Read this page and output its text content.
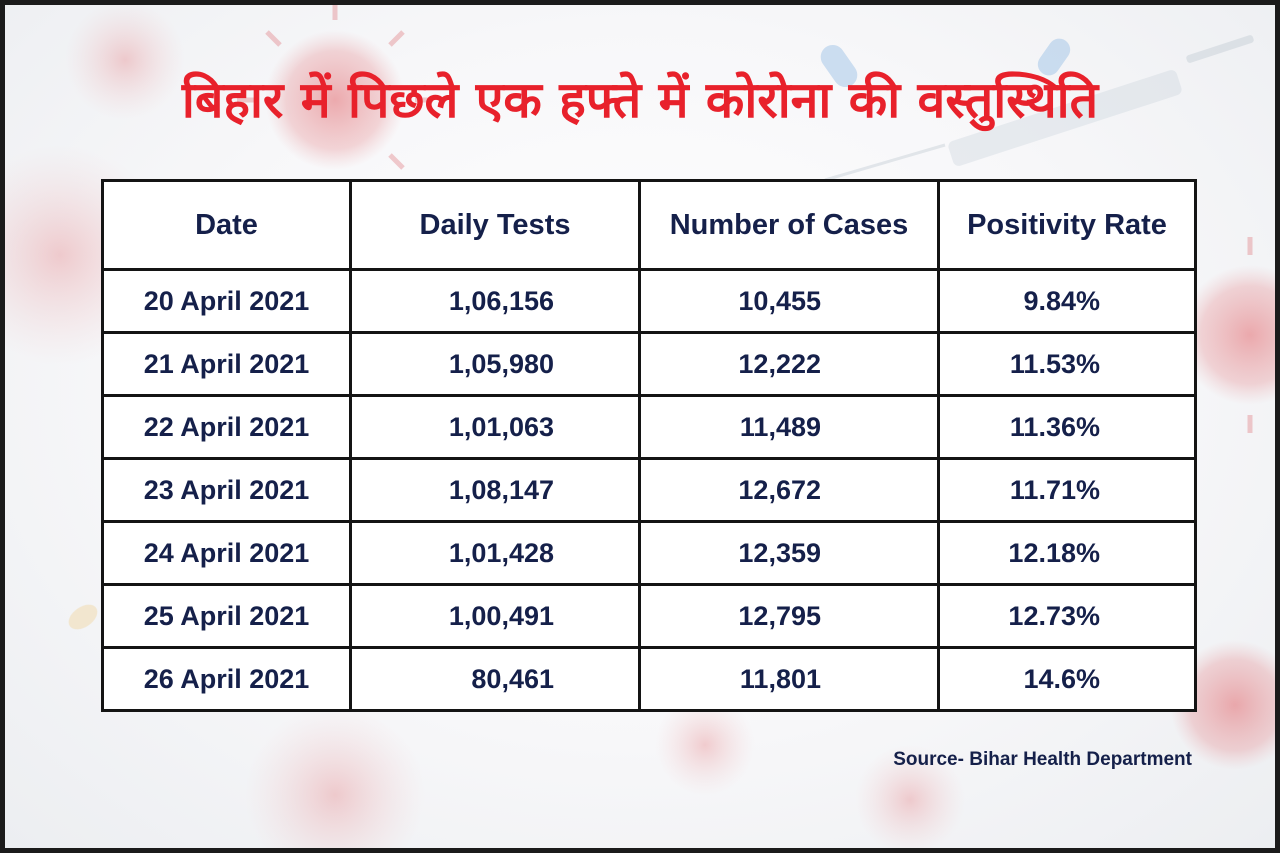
बिहार में पिछले एक हफ्ते में कोरोना की वस्तुस्थिति
Date	Daily Tests	Number of Cases	Positivity Rate
20 April 2021	1,06,156	10,455	9.84%
21 April 2021	1,05,980	12,222	11.53%
22 April 2021	1,01,063	11,489	11.36%
23 April 2021	1,08,147	12,672	11.71%
24 April 2021	1,01,428	12,359	12.18%
25 April 2021	1,00,491	12,795	12.73%
26 April 2021	80,461	11,801	14.6%
Source- Bihar Health Department
